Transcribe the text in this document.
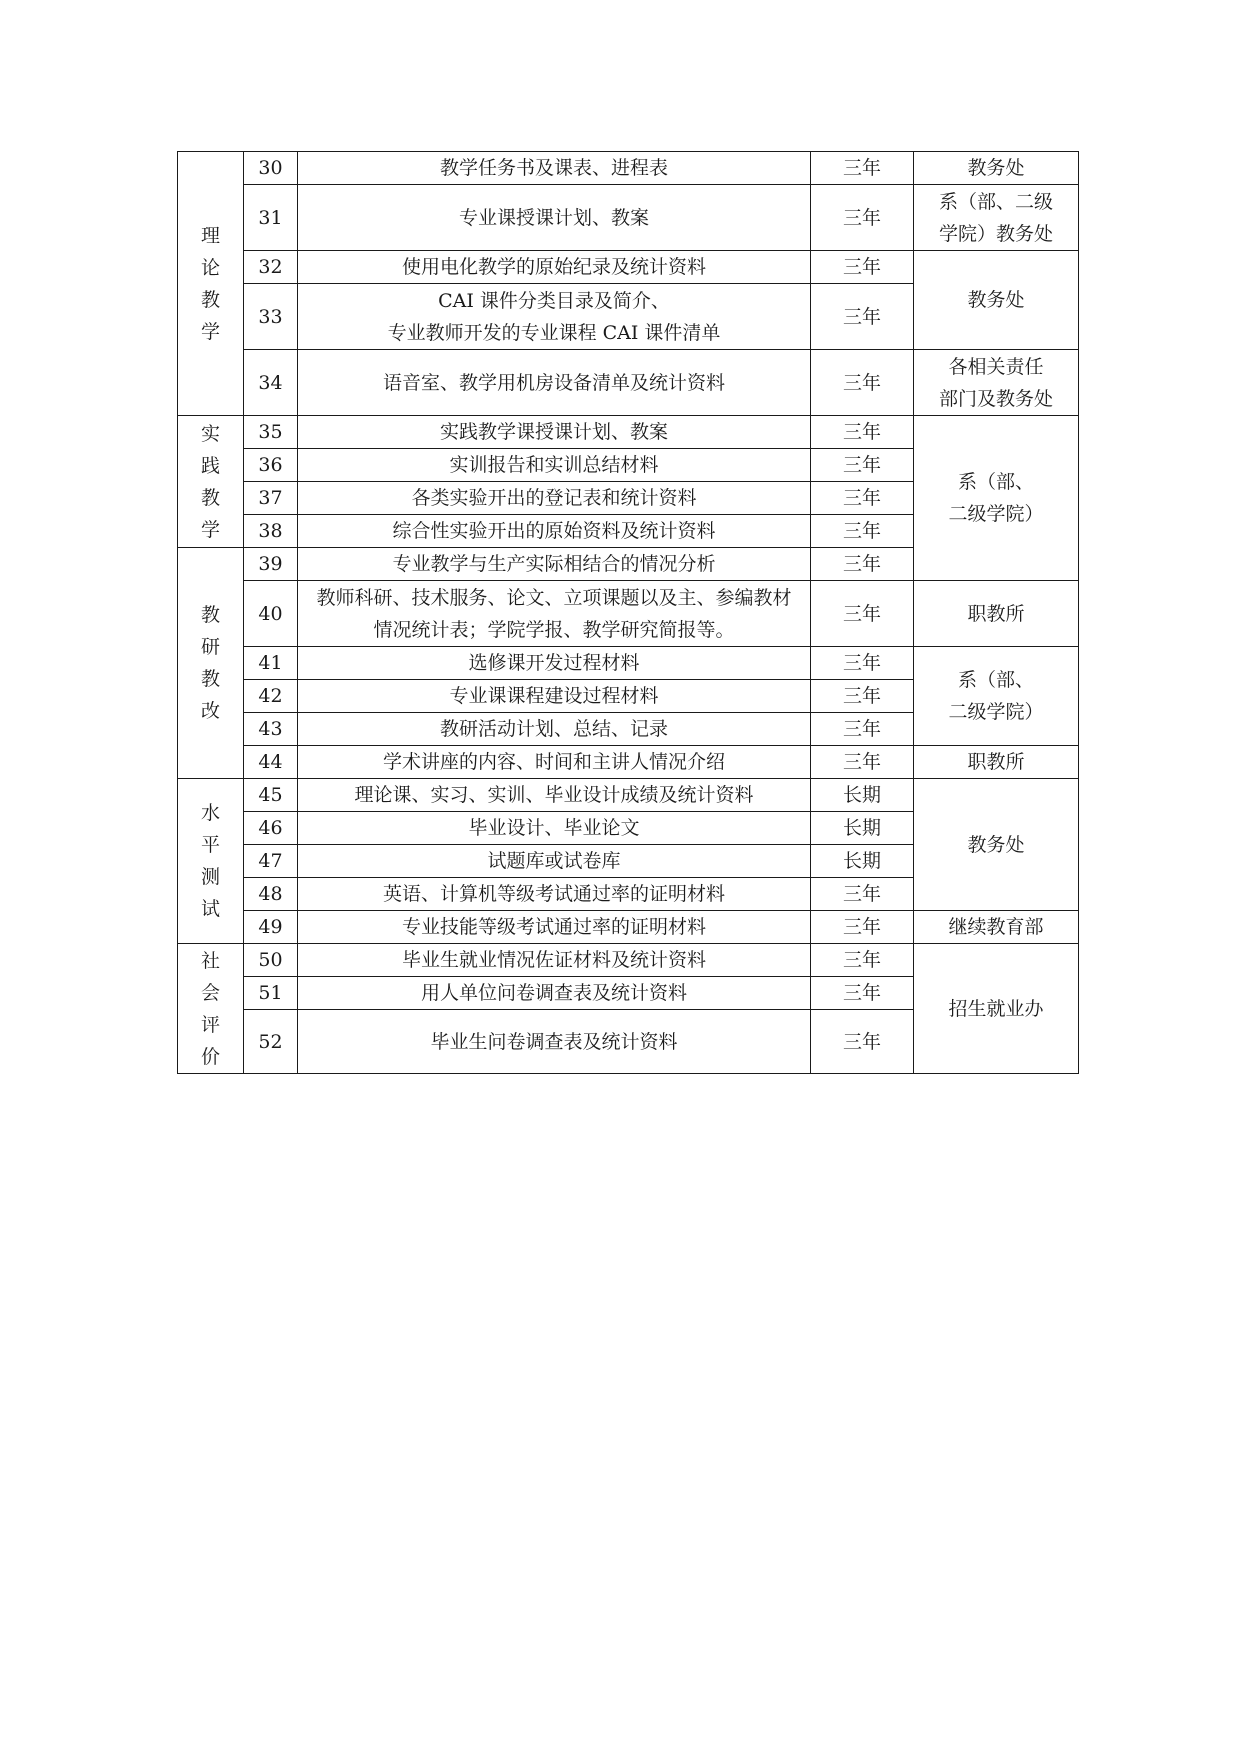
理
论
教
学	30	教学任务书及课表、进程表	三年	教务处
	31	专业课授课计划、教案	三年	系（部、二级
学院）教务处
	32	使用电化教学的原始纪录及统计资料	三年	教务处
	33	CAI 课件分类目录及简介、
专业教师开发的专业课程 CAI 课件清单	三年	
	34	语音室、教学用机房设备清单及统计资料	三年	各相关责任
部门及教务处

实
践
教
学	35	实践教学课授课计划、教案	三年	系（部、
二级学院）
	36	实训报告和实训总结材料	三年	
	37	各类实验开出的登记表和统计资料	三年	
	38	综合性实验开出的原始资料及统计资料	三年	

教
研
教
改	39	专业教学与生产实际相结合的情况分析	三年	
	40	教师科研、技术服务、论文、立项课题以及主、参编教材情况统计表；学院学报、教学研究简报等。	三年	职教所
	41	选修课开发过程材料	三年	系（部、
二级学院）
	42	专业课课程建设过程材料	三年	
	43	教研活动计划、总结、记录	三年	
	44	学术讲座的内容、时间和主讲人情况介绍	三年	职教所

水
平
测
试	45	理论课、实习、实训、毕业设计成绩及统计资料	长期	教务处
	46	毕业设计、毕业论文	长期	
	47	试题库或试卷库	长期	
	48	英语、计算机等级考试通过率的证明材料	三年	
	49	专业技能等级考试通过率的证明材料	三年	继续教育部

社
会
评
价	50	毕业生就业情况佐证材料及统计资料	三年	招生就业办
	51	用人单位问卷调查表及统计资料	三年	
	52	毕业生问卷调查表及统计资料	三年	
